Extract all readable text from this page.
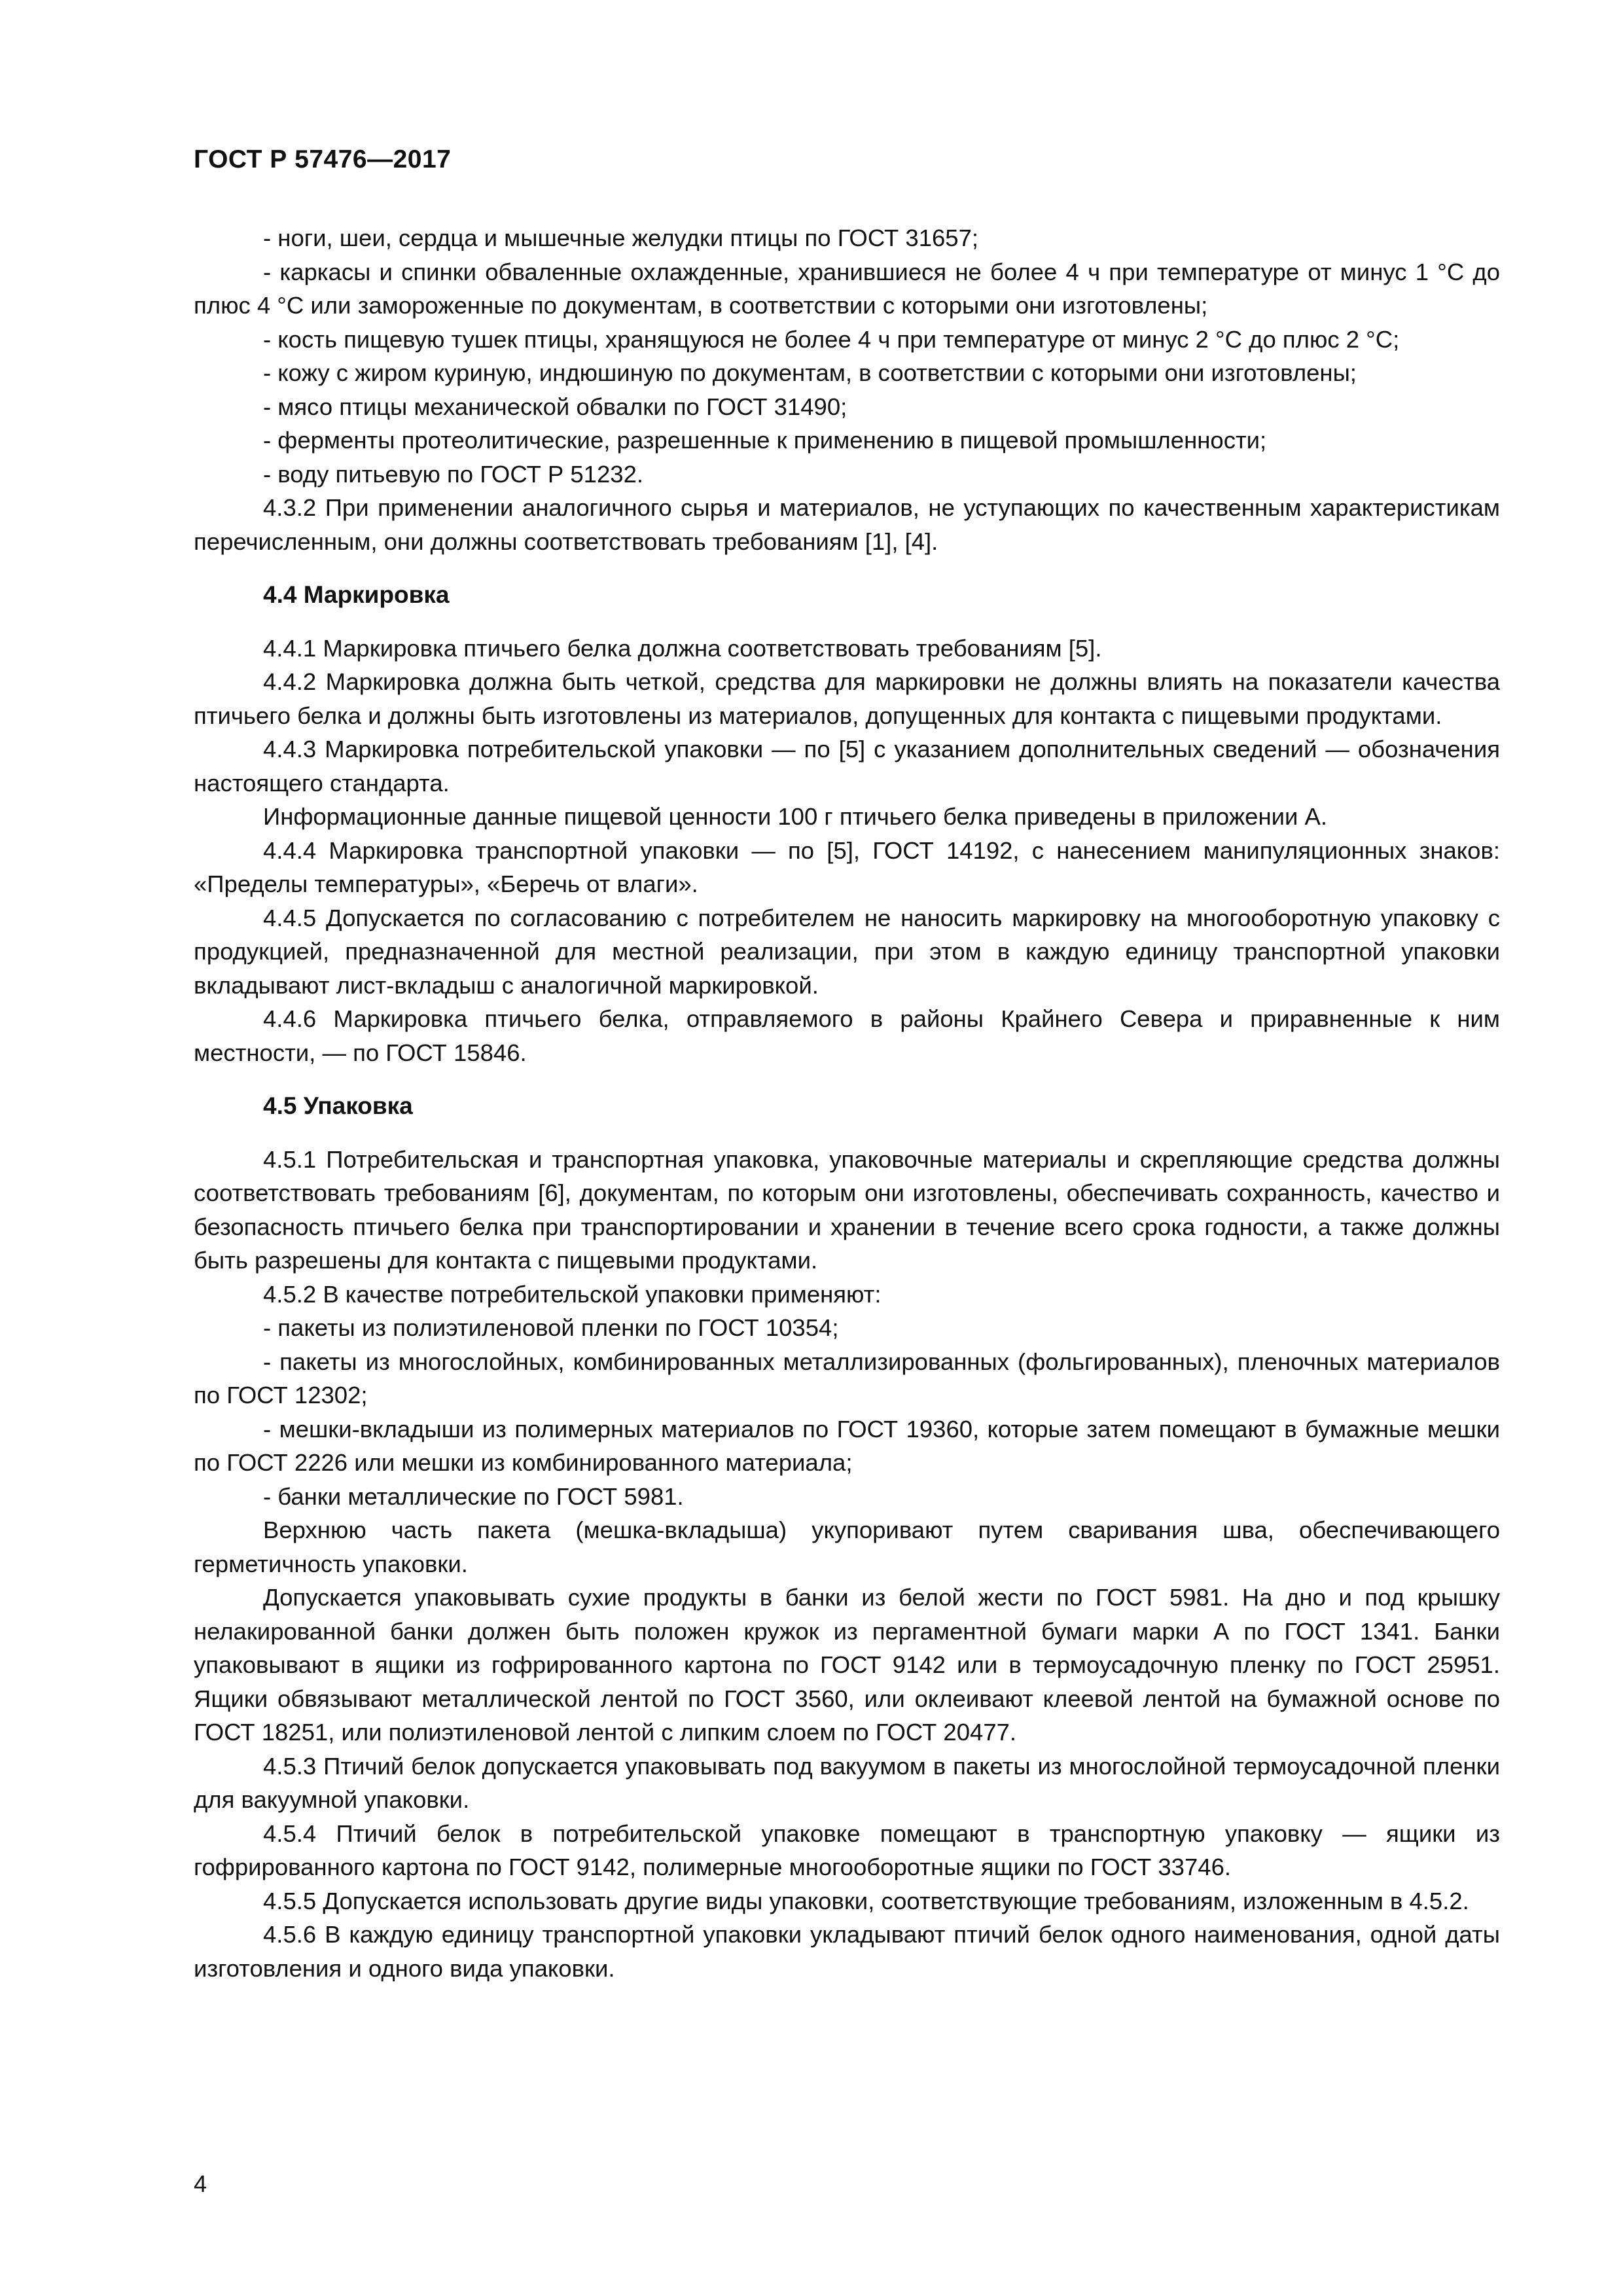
ГОСТ Р 57476—2017

- ноги, шеи, сердца и мышечные желудки птицы по ГОСТ 31657;

- каркасы и спинки обваленные охлажденные, хранившиеся не более 4 ч при температуре от минус 1 °С до плюс 4 °С или замороженные по документам, в соответствии с которыми они изготовлены;

- кость пищевую тушек птицы, хранящуюся не более 4 ч при температуре от минус 2 °С до плюс 2 °С;

- кожу с жиром куриную, индюшиную по документам, в соответствии с которыми они изготовлены;

- мясо птицы механической обвалки по ГОСТ 31490;

- ферменты протеолитические, разрешенные к применению в пищевой промышленности;

- воду питьевую по ГОСТ Р 51232.

4.3.2 При применении аналогичного сырья и материалов, не уступающих по качественным характеристикам перечисленным, они должны соответствовать требованиям [1], [4].

4.4 Маркировка

4.4.1 Маркировка птичьего белка должна соответствовать требованиям [5].

4.4.2 Маркировка должна быть четкой, средства для маркировки не должны влиять на показатели качества птичьего белка и должны быть изготовлены из материалов, допущенных для контакта с пищевыми продуктами.

4.4.3 Маркировка потребительской упаковки — по [5] с указанием дополнительных сведений — обозначения настоящего стандарта.

Информационные данные пищевой ценности 100 г птичьего белка приведены в приложении А.

4.4.4 Маркировка транспортной упаковки — по [5], ГОСТ 14192, с нанесением манипуляционных знаков: «Пределы температуры», «Беречь от влаги».

4.4.5 Допускается по согласованию с потребителем не наносить маркировку на многооборотную упаковку с продукцией, предназначенной для местной реализации, при этом в каждую единицу транспортной упаковки вкладывают лист-вкладыш с аналогичной маркировкой.

4.4.6 Маркировка птичьего белка, отправляемого в районы Крайнего Севера и приравненные к ним местности, — по ГОСТ 15846.

4.5 Упаковка

4.5.1 Потребительская и транспортная упаковка, упаковочные материалы и скрепляющие средства должны соответствовать требованиям [6], документам, по которым они изготовлены, обеспечивать сохранность, качество и безопасность птичьего белка при транспортировании и хранении в течение всего срока годности, а также должны быть разрешены для контакта с пищевыми продуктами.

4.5.2 В качестве потребительской упаковки применяют:

- пакеты из полиэтиленовой пленки по ГОСТ 10354;

- пакеты из многослойных, комбинированных металлизированных (фольгированных), пленочных материалов по ГОСТ 12302;

- мешки-вкладыши из полимерных материалов по ГОСТ 19360, которые затем помещают в бумажные мешки по ГОСТ 2226 или мешки из комбинированного материала;

- банки металлические по ГОСТ 5981.

Верхнюю часть пакета (мешка-вкладыша) укупоривают путем сваривания шва, обеспечивающего герметичность упаковки.

Допускается упаковывать сухие продукты в банки из белой жести по ГОСТ 5981. На дно и под крышку нелакированной банки должен быть положен кружок из пергаментной бумаги марки А по ГОСТ 1341. Банки упаковывают в ящики из гофрированного картона по ГОСТ 9142 или в термоусадочную пленку по ГОСТ 25951. Ящики обвязывают металлической лентой по ГОСТ 3560, или оклеивают клеевой лентой на бумажной основе по ГОСТ 18251, или полиэтиленовой лентой с липким слоем по ГОСТ 20477.

4.5.3 Птичий белок допускается упаковывать под вакуумом в пакеты из многослойной термоусадочной пленки для вакуумной упаковки.

4.5.4 Птичий белок в потребительской упаковке помещают в транспортную упаковку — ящики из гофрированного картона по ГОСТ 9142, полимерные многооборотные ящики по ГОСТ 33746.

4.5.5 Допускается использовать другие виды упаковки, соответствующие требованиям, изложенным в 4.5.2.

4.5.6 В каждую единицу транспортной упаковки укладывают птичий белок одного наименования, одной даты изготовления и одного вида упаковки.

4
